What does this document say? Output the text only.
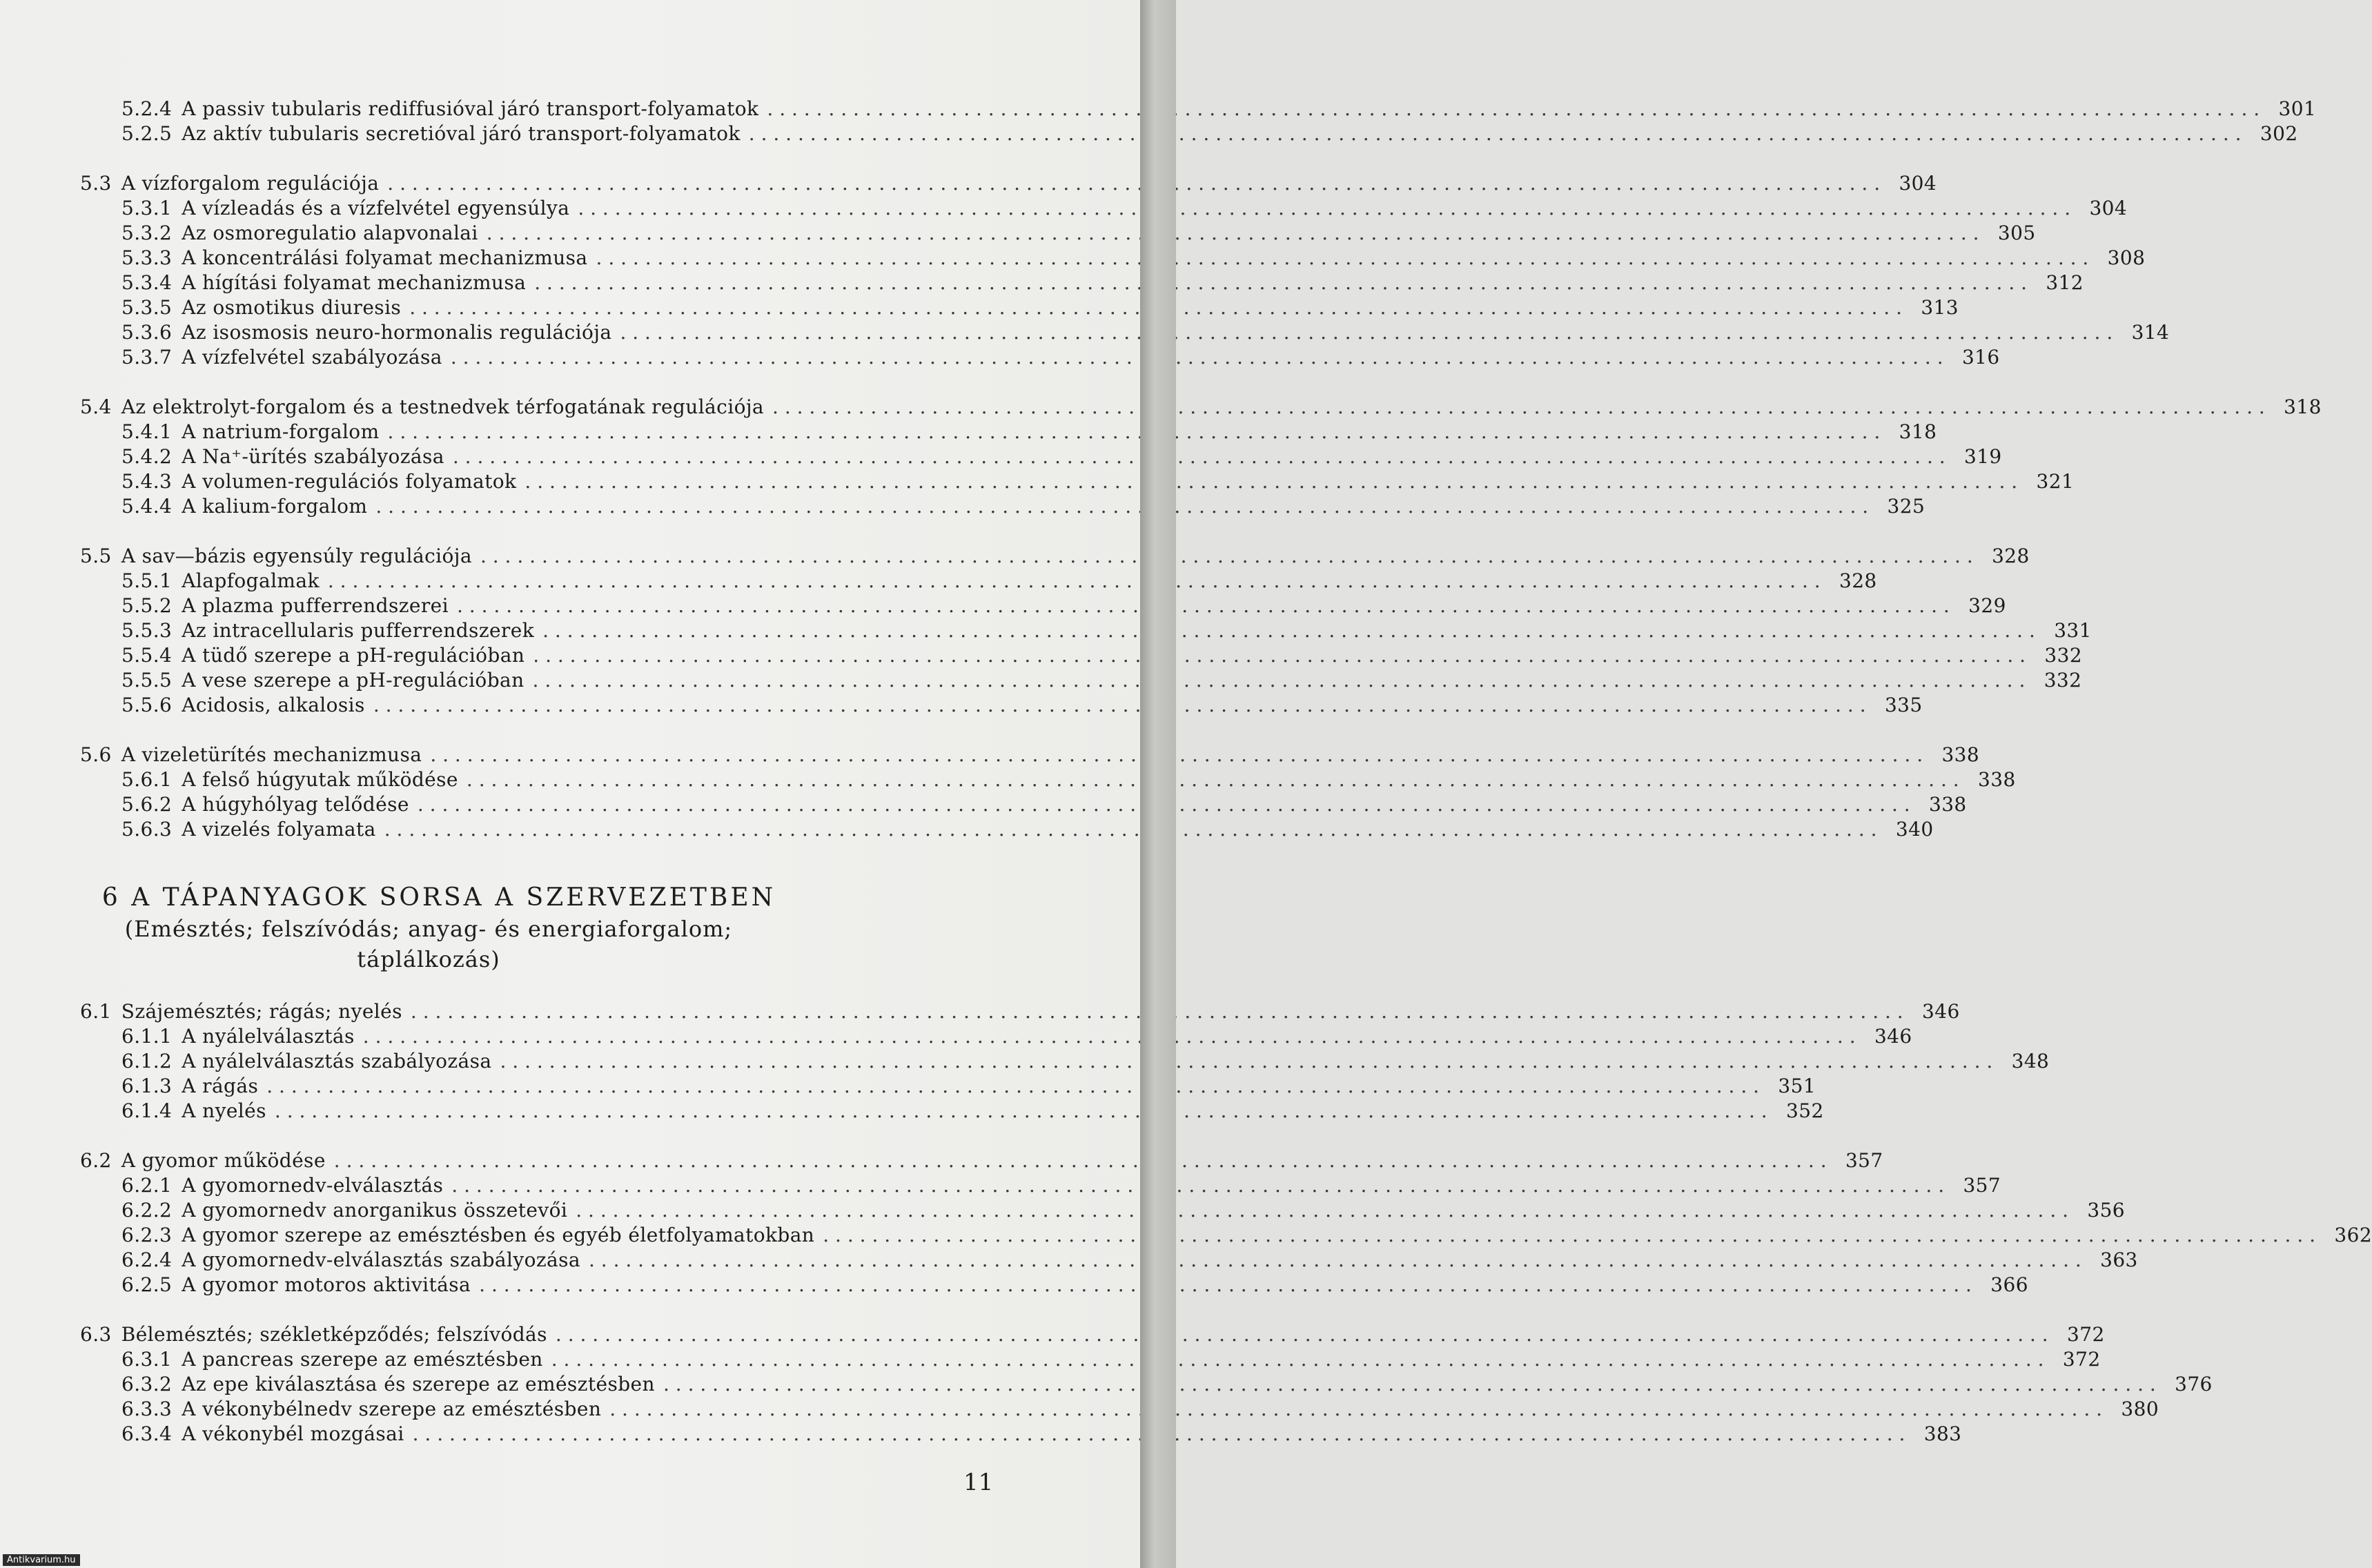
5.2.4 A passiv tubularis rediffusióval járó transport-folyamatok . . .	301
5.2.5 Az aktív tubularis secretióval járó transport-folyamatok . . .	302
5.3 A vízforgalom regulációja . . .	304
5.3.1 A vízleadás és a vízfelvétel egyensúlya . . .	304
5.3.2 Az osmoregulatio alapvonalai . . .	305
5.3.3 A koncentrálási folyamat mechanizmusa . . .	308
5.3.4 A hígítási folyamat mechanizmusa . . .	312
5.3.5 Az osmotikus diuresis . . .	313
5.3.6 Az isosmosis neuro-hormonalis regulációja . . .	314
5.3.7 A vízfelvétel szabályozása . . .	316
5.4 Az elektrolyt-forgalom és a testnedvek térfogatának regulációja . . .	318
5.4.1 A natrium-forgalom . . .	318
5.4.2 A Na⁺-ürítés szabályozása . . .	319
5.4.3 A volumen-regulációs folyamatok . . .	321
5.4.4 A kalium-forgalom . . .	325
5.5 A sav—bázis egyensúly regulációja . . .	328
5.5.1 Alapfogalmak . . .	328
5.5.2 A plazma pufferrendszerei . . .	329
5.5.3 Az intracellularis pufferrendszerek . . .	331
5.5.4 A tüdő szerepe a pH-regulációban . . .	332
5.5.5 A vese szerepe a pH-regulációban . . .	332
5.5.6 Acidosis, alkalosis . . .	335
5.6 A vizeletürítés mechanizmusa . . .	338
5.6.1 A felső húgyutak működése . . .	338
5.6.2 A húgyhólyag telődése . . .	338
5.6.3 A vizelés folyamata . . .	340
6 A TÁPANYAGOK SORSA A SZERVEZETBEN
(Emésztés; felszívódás; anyag- és energiaforgalom; táplálkozás)
6.1 Szájemésztés; rágás; nyelés . . .	346
6.1.1 A nyálelválasztás . . .	346
6.1.2 A nyálelválasztás szabályozása . . .	348
6.1.3 A rágás . . .	351
6.1.4 A nyelés . . .	352
6.2 A gyomor működése . . .	357
6.2.1 A gyomornedv-elválasztás . . .	357
6.2.2 A gyomornedv anorganikus összetevői . . .	356
6.2.3 A gyomor szerepe az emésztésben és egyéb életfolyamatokban . . .	362
6.2.4 A gyomornedv-elválasztás szabályozása . . .	363
6.2.5 A gyomor motoros aktivitása . . .	366
6.3 Bélemésztés; székletképződés; felszívódás . . .	372
6.3.1 A pancreas szerepe az emésztésben . . .	372
6.3.2 Az epe kiválasztása és szerepe az emésztésben . . .	376
6.3.3 A vékonybélnedv szerepe az emésztésben . . .	380
6.3.4 A vékonybél mozgásai . . .	383
11
Antikvarium.hu
